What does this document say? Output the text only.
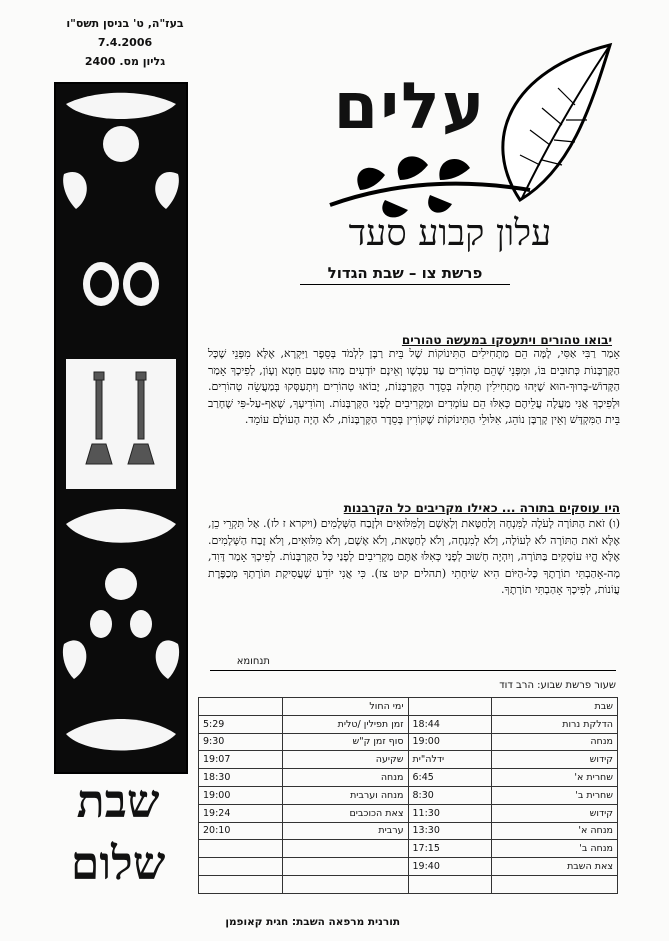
בעז"ה, ט' בניסן תשס"ו
7.4.2006
גליון מס. 2400
שבת
שלום
עלים
עלון קבוע סעד
פרשת צו – שבת הגדול
יבואו טהורים ויתעסקו במעשה טהורים
אָמַר רַבִּי אַסִּי, לָמָּה הֵם מַתְחִילִים הַתִּינוֹקוֹת שֶׁל בֵּית רַבָּן לִלְמֹד בְּסֵפֶר וַיִּקְרָא, אֶלָּא מִפְּנֵי שֶׁכָּל הַקָּרְבָּנוֹת כְּתוּבִים בּוֹ, וּמִפְּנֵי שֶׁהֵם טְהוֹרִים עַד עַכְשָׁו וְאֵינָם יוֹדְעִים מַהוּ טַעַם חֵטְא וְעָוֹן, לְפִיכָךְ אָמַר הַקָּדוֹשׁ-בָּרוּךְ-הוּא שֶׁיְּהוּ מַתְחִילִין תְּחִלָּה בְּסֵדֶר הַקָּרְבָּנוֹת, יָבוֹאוּ טְהוֹרִים וְיִתְעַסְּקוּ בְּמַעֲשֵׂה טְהוֹרִים. וּלְפִיכָךְ אֲנִי מַעֲלֶה עֲלֵיהֶם כְּאִלּוּ הֵם עוֹמְדִים וּמַקְרִיבִים לְפָנַי הַקָּרְבָּנוֹת. וְהוֹדִיעָךְ, שֶׁאַף-עַל-פִּי שֶׁחָרַב בֵּית הַמִּקְדָּשׁ וְאֵין קָרְבָּן נוֹהֵג, אִלּוּלֵי הַתִּינוֹקוֹת שֶׁקּוֹרִין בְּסֵדֶר הַקָּרְבָּנוֹת, לֹא הָיָה הָעוֹלָם עוֹמֵד.
היו עוסקים בתורה ... כאילו מקריבים כל הקרבנות
(ו) זֹאת הַתּוֹרָה לָעֹלָה לַמִּנְחָה וְלַחַטָּאת וְלָאָשָׁם וְלַמִּלּוּאִים וּלְזֶבַח הַשְּׁלָמִים (ויקרא ז לז). אַל תִּקְרֵי כֵן, אֶלָּא זֹאת הַתּוֹרָה לֹא לְעוֹלָה, וְלֹא לְמִנְחָה, וְלֹא לְחַטָּאת, וְלֹא אָשָׁם, וְלֹא מִלּוּאִים, וְלֹא זֶבַח הַשְּׁלָמִים. אֶלָּא הֱיוּ עוֹסְקִים בַּתּוֹרָה, וְיִהְיֶה חָשׁוּב לְפָנַי כְּאִלּוּ אַתֶּם מַקְרִיבִים לְפָנַי כָּל הַקָּרְבָּנוֹת. לְפִיכָךְ אָמַר דָּוִד, מָה-אָהַבְתִּי תוֹרָתֶךָ כָּל-הַיּוֹם הִיא שִׂיחָתִי (תהלים קיט צז). כִּי אֲנִי יוֹדֵעַ שֶׁעֲסִיקַת תּוֹרָתְךָ מְכַפֶּרֶת עֲוֹנוֹת, לְפִיכָךְ אָהַבְתִּי תוֹרָתֶךָ.
תנחומא
שעור פרשת שבוע: הרב דוד
שבת		ימי החול	
הדלקת נרות	18:44	זמן תפילין /טלית	5:29
מנחה	19:00	סוף זמן ק"ש	9:30
קידוש	ידלה"ית	שקיעה	19:07
שחרית א'	6:45	מנחה	18:30
שחרית ב'	8:30	מנחה וערבית	19:00
קידוש	11:30	צאת הכוכבים	19:24
מנחה א'	13:30	ערבית	20:10
מנחה ב'	17:15		
צאת השבת	19:40		

תורנית מרפאה השבת: חגית קאופמן
